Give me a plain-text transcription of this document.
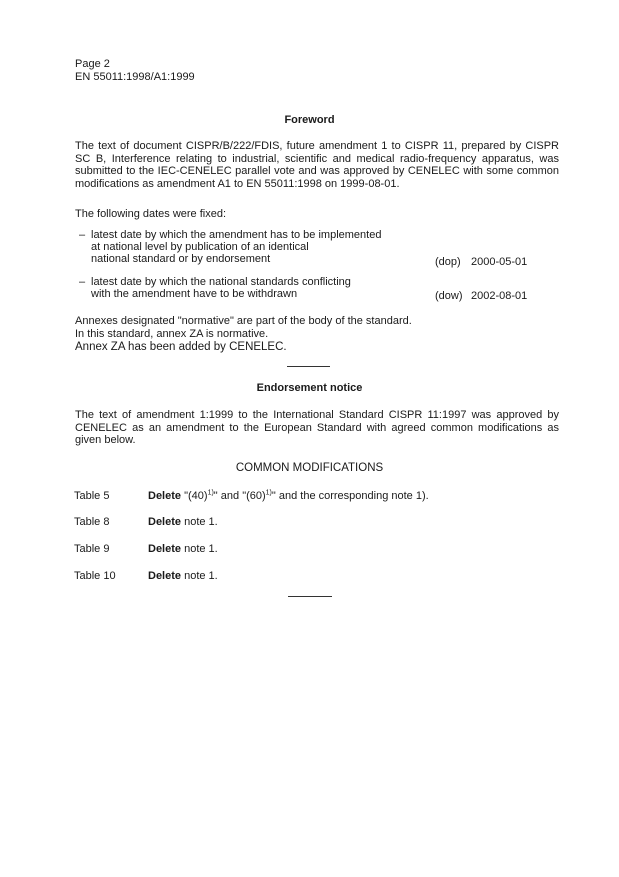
Page 2
EN 55011:1998/A1:1999
Foreword
The text of document CISPR/B/222/FDIS, future amendment 1 to CISPR 11, prepared by CISPR SC B, Interference relating to industrial, scientific and medical radio-frequency apparatus, was submitted to the IEC-CENELEC parallel vote and was approved by CENELEC with some common modifications as amendment A1 to EN 55011:1998 on 1999-08-01.
The following dates were fixed:
– latest date by which the amendment has to be implemented
at national level by publication of an identical
national standard or by endorsement	(dop) 2000-05-01
– latest date by which the national standards conflicting
with the amendment have to be withdrawn	(dow) 2002-08-01
Annexes designated "normative" are part of the body of the standard.
In this standard, annex ZA is normative.
Annex ZA has been added by CENELEC.
Endorsement notice
The text of amendment 1:1999 to the International Standard CISPR 11:1997 was approved by CENELEC as an amendment to the European Standard with agreed common modifications as given below.
COMMON MODIFICATIONS
Table 5	Delete "$(40)^{1)}$" and "$(60)^{1)}$" and the corresponding note 1).
Table 8	Delete note 1.
Table 9	Delete note 1.
Table 10	Delete note 1.
